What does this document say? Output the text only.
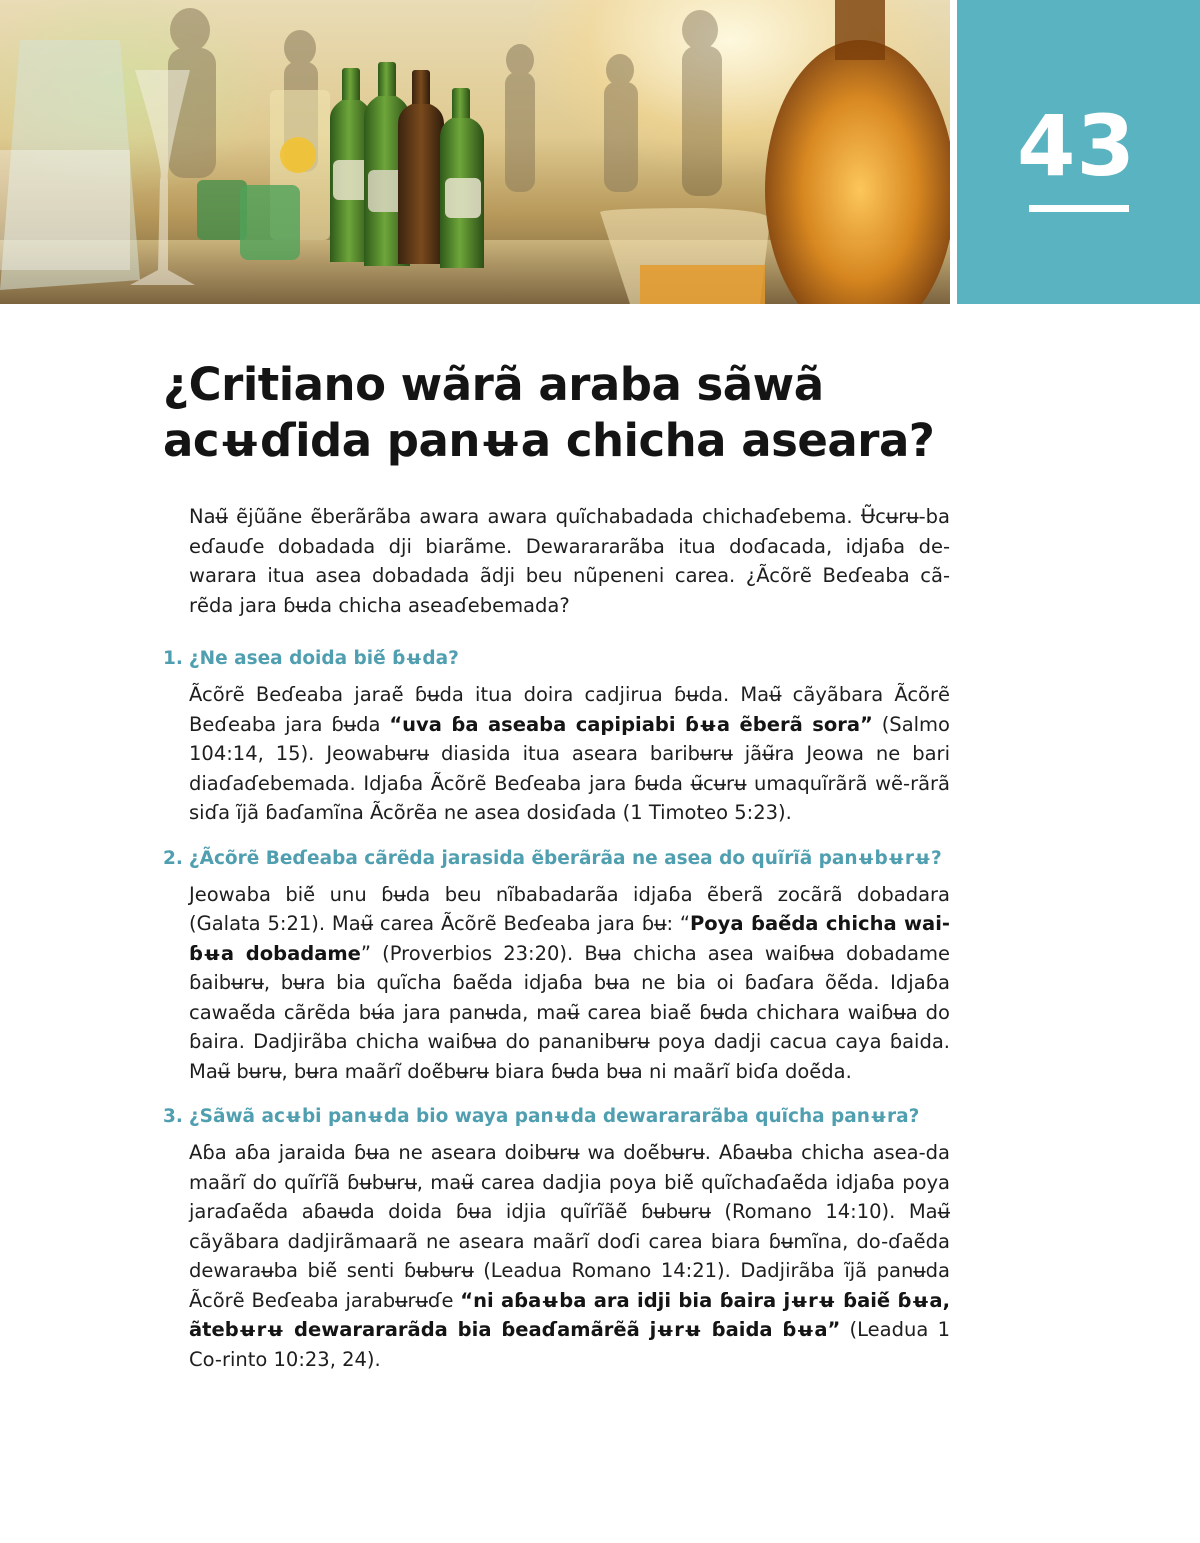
43
¿Critiano wãrã araba sãwã
acʉɗida panʉa chicha aseara?

Naʉ̃ ẽjũãne ẽberãrãba awara awara quĩchabadada chichaɗebema. Ʉ̃cʉrʉ-ba eɗauɗe dobadada dji biarãme. Dewarararãba itua doɗacada, idjaɓa de-warara itua asea dobadada ãdji beu nũpeneni carea. ¿Ãcõrẽ Beɗeaba cã-rẽda jara ɓʉda chicha aseaɗebemada?

1. ¿Ne asea doida biẽ́ ɓʉda?

Ãcõrẽ Beɗeaba jaraẽ́ ɓʉda itua doira cadjirua ɓʉda. Maʉ̃ cãyãbara Ãcõrẽ Beɗeaba jara ɓʉda “uva ɓa aseaba capipiabi ɓʉa ẽberã sora” (Salmo 104:14, 15). Jeowabʉrʉ diasida itua aseara baribʉrʉ jãʉ̃ra Jeowa ne bari diaɗaɗebemada. Idjaɓa Ãcõrẽ Beɗeaba jara ɓʉda ʉ̃cʉrʉ umaquĩrãrã wẽ-rãrã siɗa ĩjã ɓaɗamĩna Ãcõrẽa ne asea dosiɗada (1 Timoteo 5:23).

2. ¿Ãcõrẽ Beɗeaba cãrẽda jarasida ẽberãrãa ne asea do quĩrĩã panʉbʉrʉ?

Jeowaba biẽ́ unu ɓʉda beu nĩbabadarãa idjaɓa ẽberã zocãrã dobadara (Galata 5:21). Maʉ̃ carea Ãcõrẽ Beɗeaba jara ɓʉ: “Poya ɓaẽ́da chicha wai-ɓʉa dobadame” (Proverbios 23:20). Bʉa chicha asea waiɓʉa dobadame ɓaibʉrʉ, bʉra bia quĩcha ɓaẽ́da idjaɓa bʉa ne bia oi ɓaɗara õẽ́da. Idjaɓa cawaẽ́da cãrẽda bʉ́a jara panʉda, maʉ̃ carea biaẽ́ ɓʉda chichara waiɓʉa do ɓaira. Dadjirãba chicha waiɓʉa do pananibʉrʉ poya dadji cacua caya ɓaida. Maʉ̃ bʉrʉ, bʉra maãrĩ doẽ́bʉrʉ biara ɓʉda bʉa ni maãrĩ biɗa doẽ́da.

3. ¿Sãwã acʉbi panʉda bio waya panʉda dewarararãba quĩcha panʉra?

Aɓa aɓa jaraida ɓʉa ne aseara doibʉrʉ wa doẽ́bʉrʉ. Aɓaʉba chicha asea-da maãrĩ do quĩrĩã ɓʉbʉrʉ, maʉ̃ carea dadjia poya biẽ́ quĩchaɗaẽ́da idjaɓa poya jaraɗaẽ́da aɓaʉda doida ɓʉa idjia quĩrĩãẽ́ ɓʉbʉrʉ (Romano 14:10). Maʉ̃ cãyãbara dadjirãmaarã ne aseara maãrĩ doɗi carea biara ɓʉmĩna, do-ɗaẽ́da dewaraʉba biẽ́ senti ɓʉbʉrʉ (Leadua Romano 14:21). Dadjirãba ĩjã panʉda Ãcõrẽ Beɗeaba jarabʉrʉɗe “ni aɓaʉba ara idji bia ɓaira jʉrʉ ɓaiẽ́ ɓʉa, ãtebʉrʉ dewarararãda bia ɓeaɗamãrẽã jʉrʉ ɓaida ɓʉa” (Leadua 1 Co-rinto 10:23, 24).
